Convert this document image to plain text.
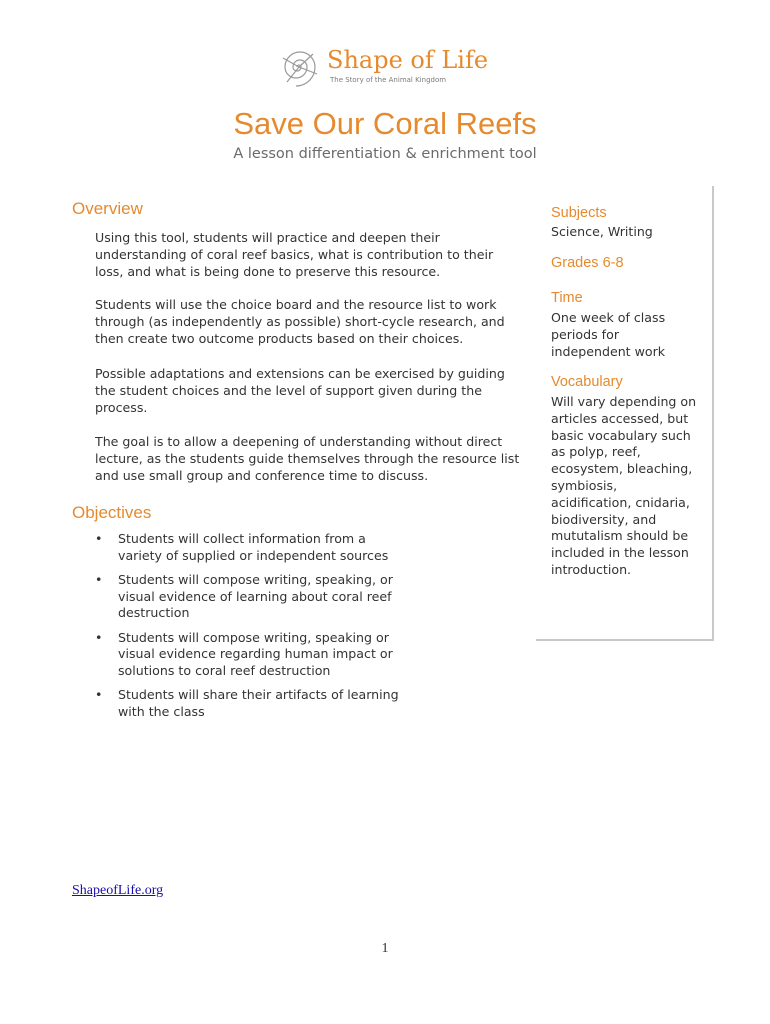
Shape of Life
The Story of the Animal Kingdom
Save Our Coral Reefs
A lesson differentiation & enrichment tool
Overview

Using this tool, students will practice and deepen their understanding of coral reef basics, what is contribution to their loss, and what is being done to preserve this resource.

Students will use the choice board and the resource list to work through (as independently as possible) short-cycle research, and then create two outcome products based on their choices.

Possible adaptations and extensions can be exercised by guiding the student choices and the level of support given during the process.

The goal is to allow a deepening of understanding without direct lecture, as the students guide themselves through the resource list and use small group and conference time to discuss.

Objectives
• Students will collect information from a variety of supplied or independent sources
• Students will compose writing, speaking, or visual evidence of learning about coral reef destruction
• Students will compose writing, speaking or visual evidence regarding human impact or solutions to coral reef destruction
• Students will share their artifacts of learning with the class
Subjects

Science, Writing

Grades 6-8
Time

One week of class periods for independent work

Vocabulary

Will vary depending on articles accessed, but basic vocabulary such as polyp, reef, ecosystem, bleaching, symbiosis, acidification, cnidaria, biodiversity, and mututalism should be included in the lesson introduction.

ShapeofLife.org
1
